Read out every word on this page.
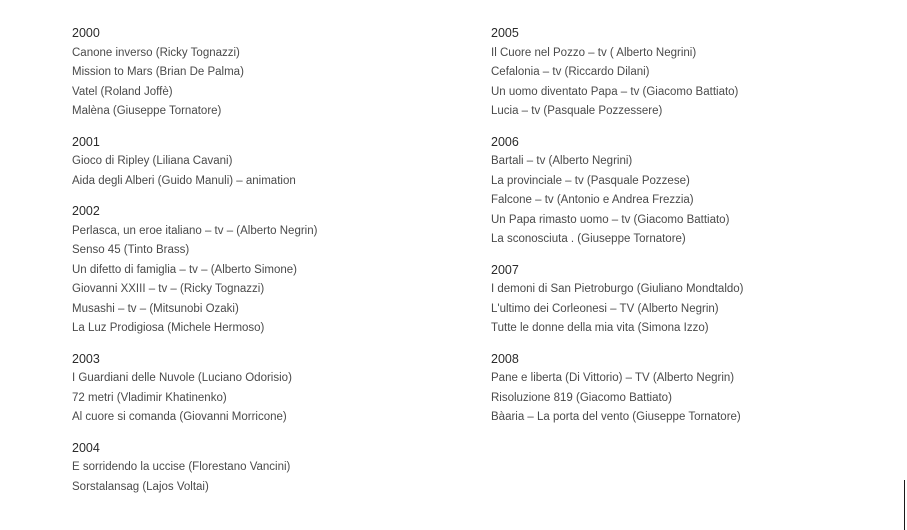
2000
Canone inverso (Ricky Tognazzi)
Mission to Mars (Brian De Palma)
Vatel (Roland Joffè)
Malèna (Giuseppe Tornatore)
2001
Gioco di Ripley (Liliana Cavani)
Aida degli Alberi (Guido Manuli) – animation
2002
Perlasca, un eroe italiano – tv – (Alberto Negrin)
Senso 45 (Tinto Brass)
Un difetto di famiglia – tv – (Alberto Simone)
Giovanni XXIII – tv – (Ricky Tognazzi)
Musashi – tv – (Mitsunobi Ozaki)
La Luz Prodigiosa (Michele Hermoso)
2003
I Guardiani delle Nuvole (Luciano Odorisio)
72 metri (Vladimir Khatinenko)
Al cuore si comanda (Giovanni Morricone)
2004
E sorridendo la uccise (Florestano Vancini)
Sorstalansag (Lajos Voltai)
2005
Il Cuore nel Pozzo – tv ( Alberto Negrini)
Cefalonia – tv (Riccardo Dilani)
Un uomo diventato Papa – tv (Giacomo Battiato)
Lucia – tv (Pasquale Pozzessere)
2006
Bartali – tv (Alberto Negrini)
La provinciale – tv (Pasquale Pozzese)
Falcone – tv (Antonio e Andrea Frezzia)
Un Papa rimasto uomo – tv (Giacomo Battiato)
La sconosciuta . (Giuseppe Tornatore)
2007
I demoni di San Pietroburgo (Giuliano Mondtaldo)
L'ultimo dei Corleonesi – TV (Alberto Negrin)
Tutte le donne della mia vita (Simona Izzo)
2008
Pane e liberta (Di Vittorio) – TV (Alberto Negrin)
Risoluzione 819 (Giacomo Battiato)
Bàaria – La porta del vento (Giuseppe Tornatore)
